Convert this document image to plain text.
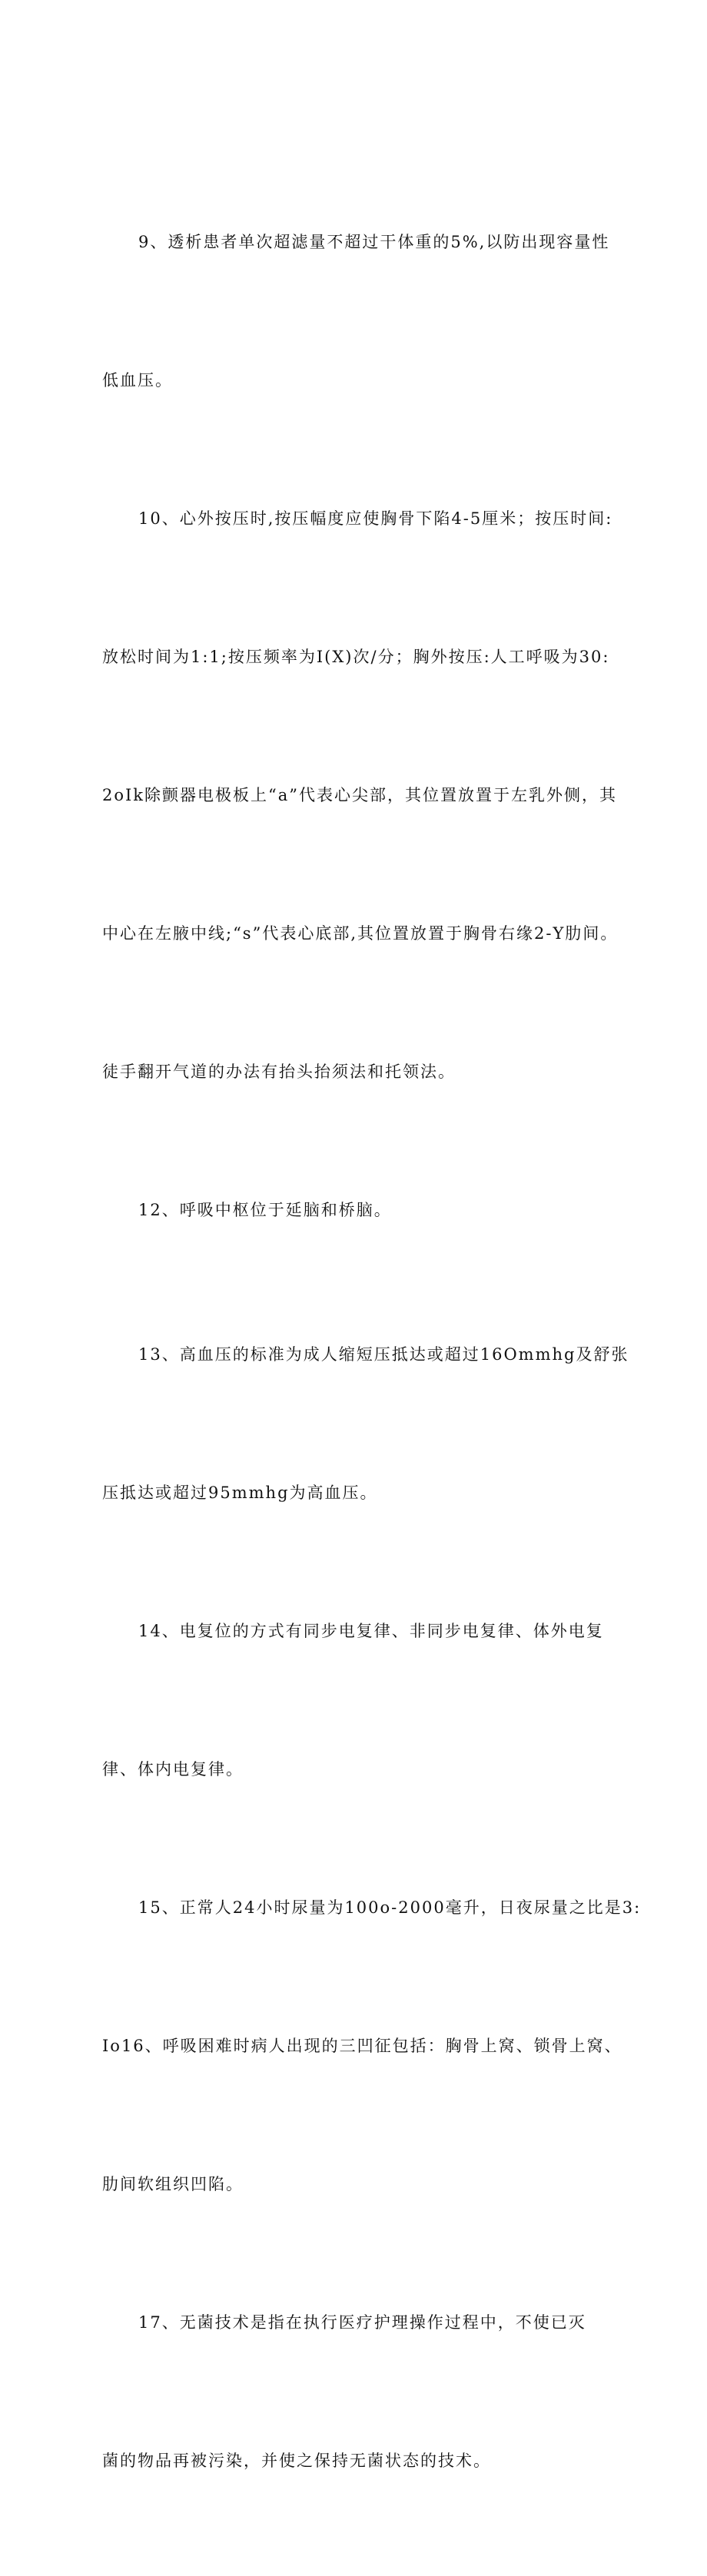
9、透析患者单次超滤量不超过干体重的5%,以防出现容量性

低血压。

10、心外按压时,按压幅度应使胸骨下陷4-5厘米；按压时间:

放松时间为1:1;按压频率为I(X)次/分；胸外按压:人工呼吸为30:

2oIk除颤器电极板上“a”代表心尖部，其位置放置于左乳外侧，其

中心在左腋中线;“s”代表心底部,其位置放置于胸骨右缘2-Y肋间。

徒手翻开气道的办法有抬头抬须法和托领法。

12、呼吸中枢位于延脑和桥脑。

13、高血压的标准为成人缩短压抵达或超过16Ommhg及舒张

压抵达或超过95mmhg为高血压。

14、电复位的方式有同步电复律、非同步电复律、体外电复

律、体内电复律。

15、正常人24小时尿量为100o-2000毫升，日夜尿量之比是3:

Io16、呼吸困难时病人出现的三凹征包括：胸骨上窝、锁骨上窝、

肋间软组织凹陷。

17、无菌技术是指在执行医疗护理操作过程中，不使已灭

菌的物品再被污染，并使之保持无菌状态的技术。
